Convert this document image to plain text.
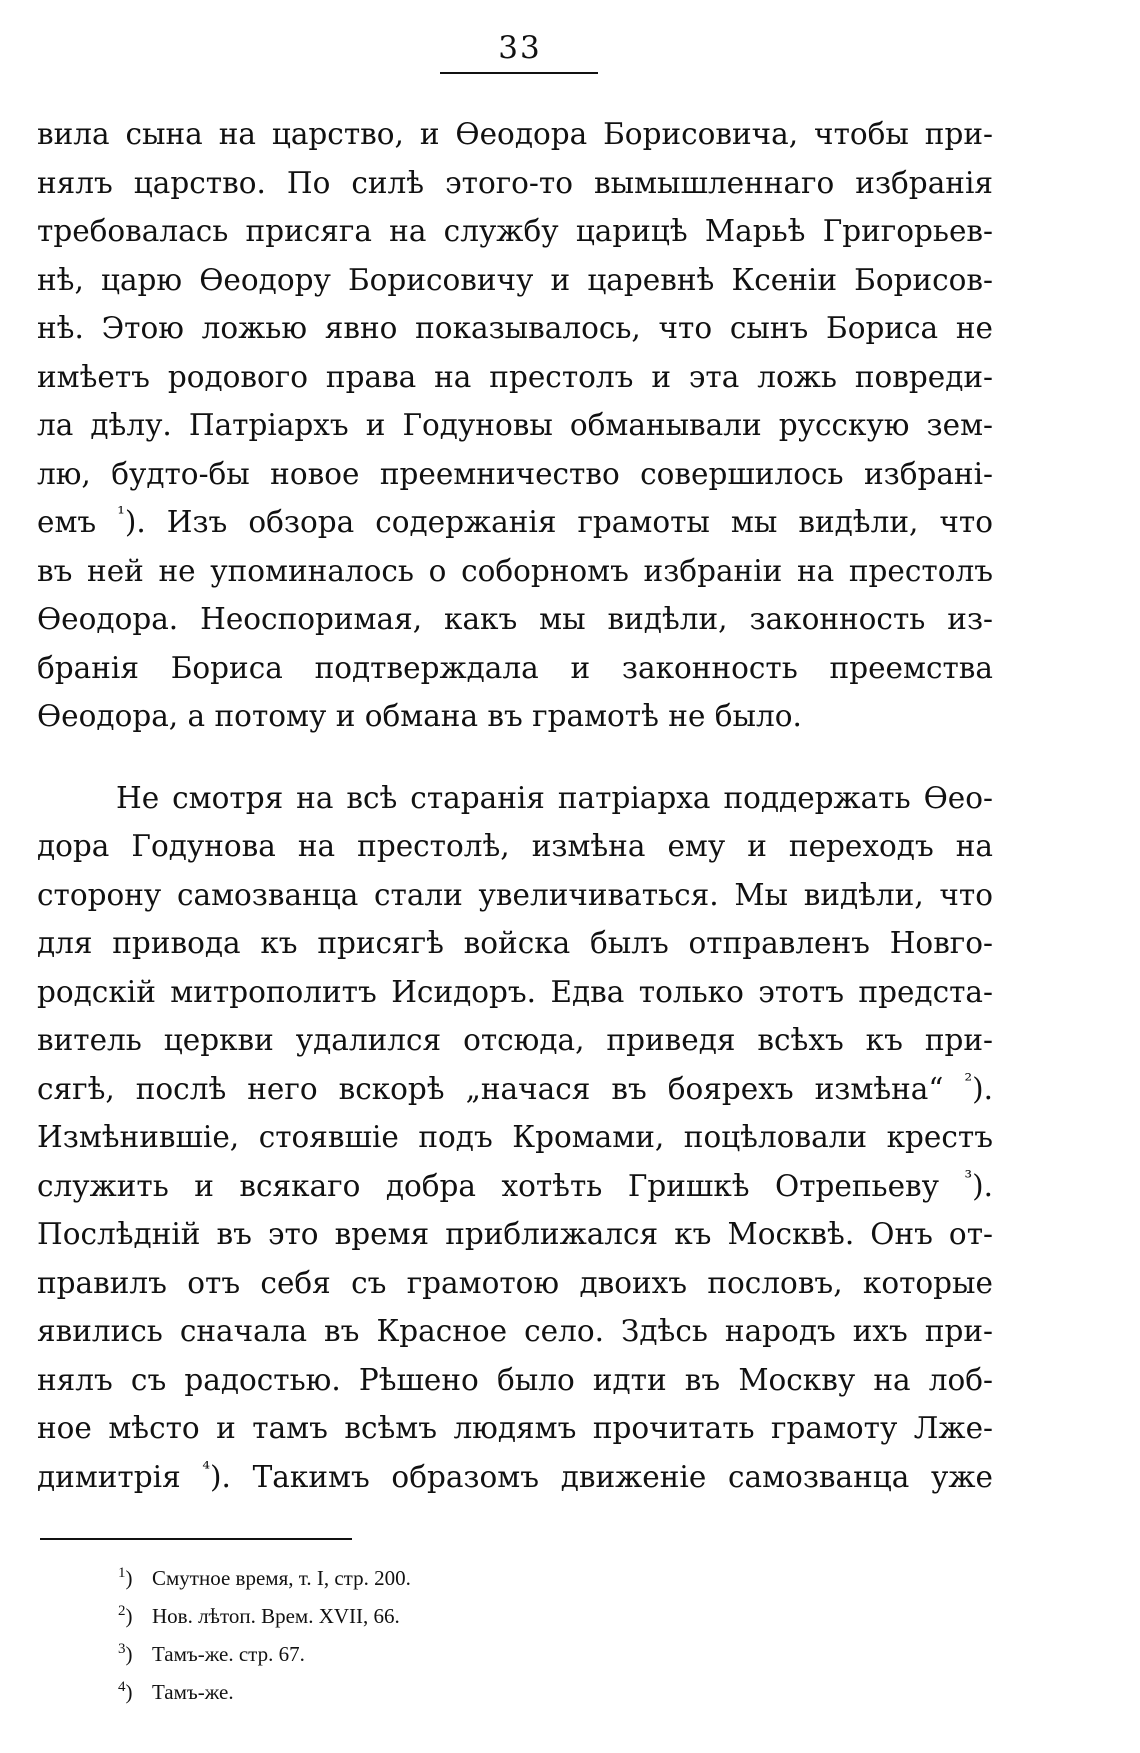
33
вила сына на царство, и Өеодора Борисовича, чтобы при-
нялъ царство. По силѣ этого-то вымышленнаго избранія
требовалась присяга на службу царицѣ Марьѣ Григорьев-
нѣ, царю Өеодору Борисовичу и царевнѣ Ксеніи Борисов-
нѣ. Этою ложью явно показывалось, что сынъ Бориса не
имѣетъ родового права на престолъ и эта ложь повреди-
ла дѣлу. Патріархъ и Годуновы обманывали русскую зем-
лю, будто-бы новое преемничество совершилось избрані-
емъ $^{^1}$). Изъ обзора содержанія грамоты мы видѣли, что
въ ней не упоминалось о соборномъ избраніи на престолъ
Өеодора. Неоспоримая, какъ мы видѣли, законность из-
бранія Бориса подтверждала и законность преемства
Өеодора, а потому и обмана въ грамотѣ не было.
Не смотря на всѣ старанія патріарха поддержать Өео-
дора Годунова на престолѣ, измѣна ему и переходъ на
сторону самозванца стали увеличиваться. Мы видѣли, что
для привода къ присягѣ войска былъ отправленъ Новго-
родскій митрополитъ Исидоръ. Едва только этотъ предста-
витель церкви удалился отсюда, приведя всѣхъ къ при-
сягѣ, послѣ него вскорѣ „начася въ боярехъ измѣна“ $^{^2}$).
Измѣнившіе, стоявшіе подъ Кромами, поцѣловали крестъ
служить и всякаго добра хотѣть Гришкѣ Отрепьеву $^{^3}$).
Послѣдній въ это время приближался къ Москвѣ. Онъ от-
правилъ отъ себя съ грамотою двоихъ пословъ, которые
явились сначала въ Красное село. Здѣсь народъ ихъ при-
нялъ съ радостью. Рѣшено было идти въ Москву на лоб-
ное мѣсто и тамъ всѣмъ людямъ прочитать грамоту Лже-
димитрія $^{^4}$). Такимъ образомъ движеніе самозванца уже
$^1$) Смутное время, т. I, стр. 200.
$^2$) Нов. лѣтоп. Врем. XVII, 66.
$^3$) Тамъ-же. стр. 67.
$^4$) Тамъ-же.
